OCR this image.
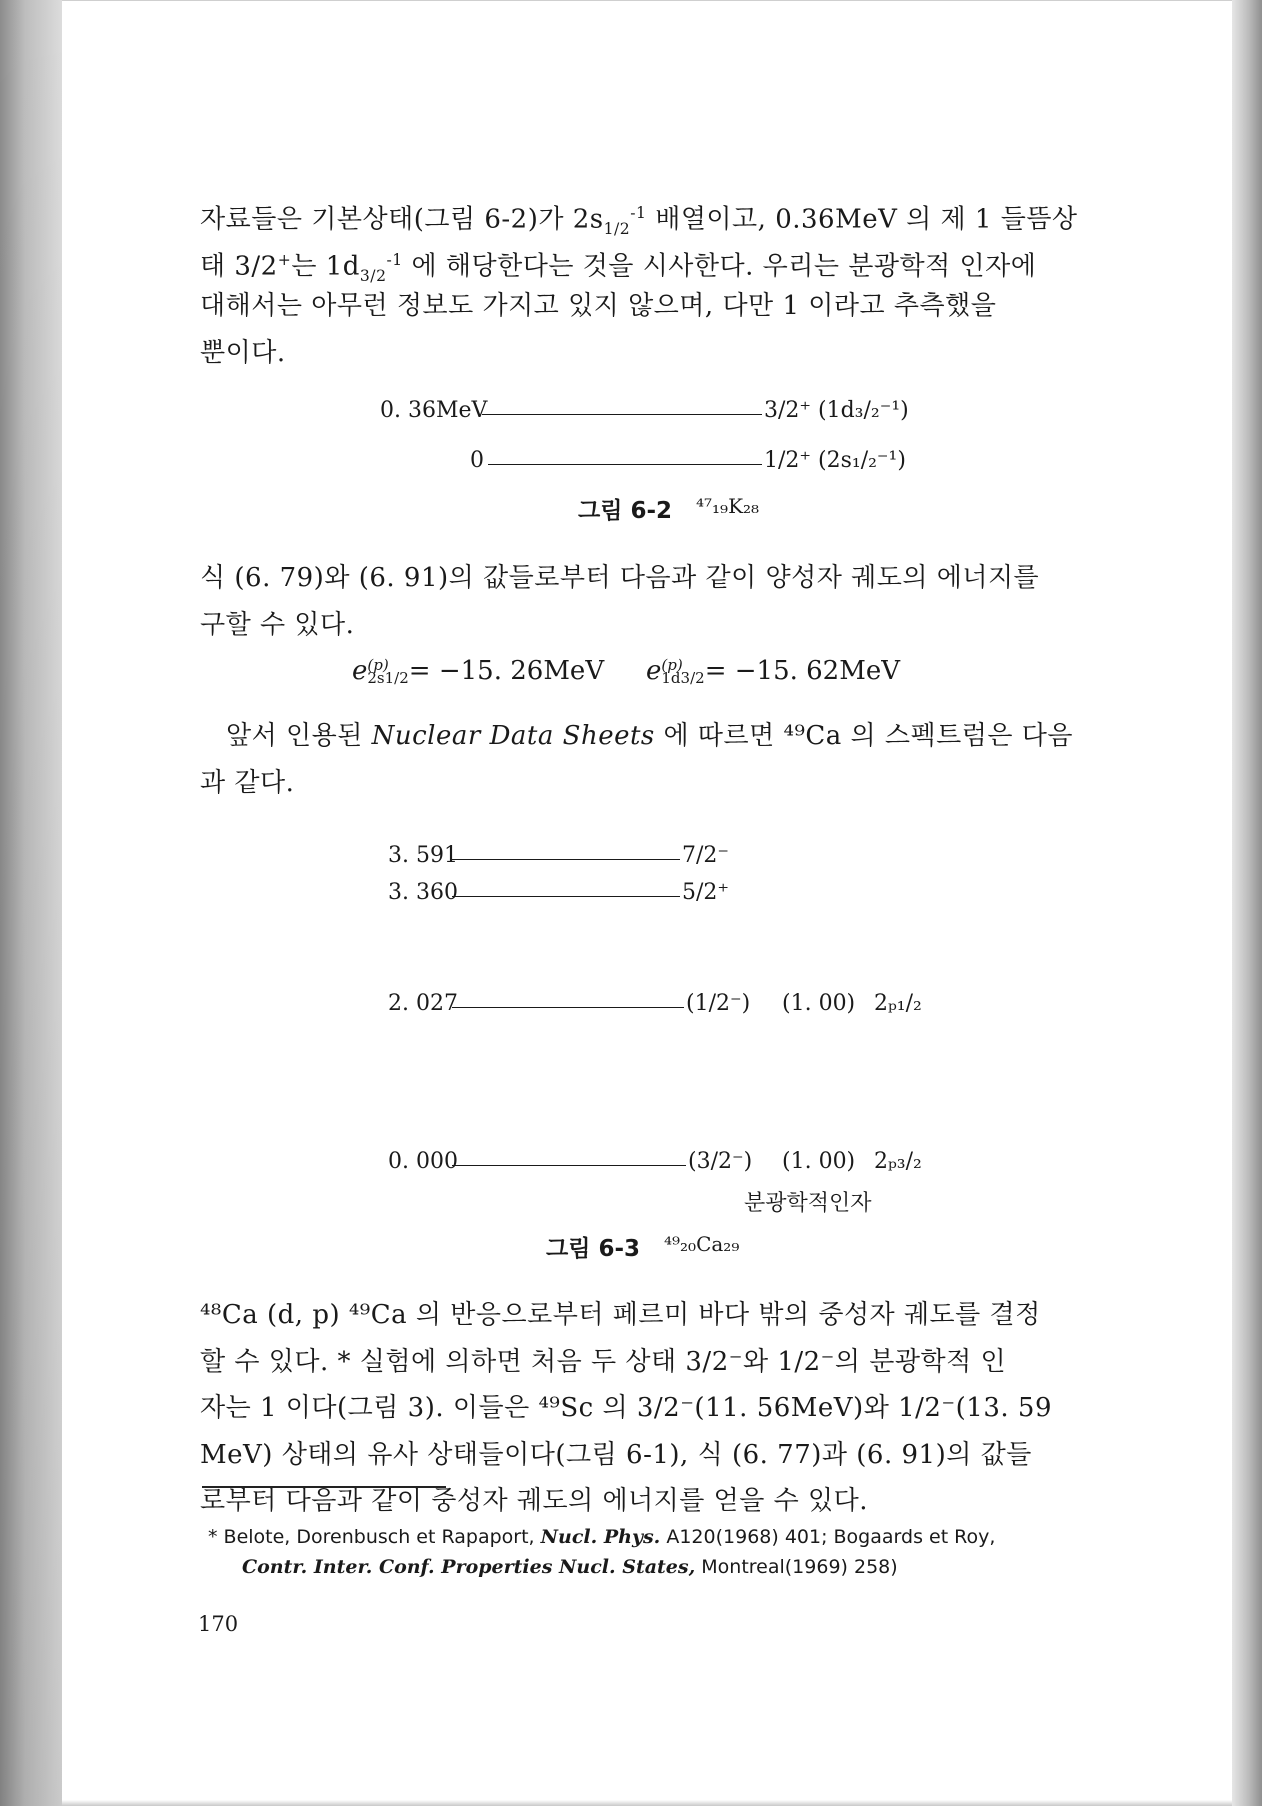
자료들은 기본상태(그림 6-2)가 $2s_{1/2}^{-1}$ 배열이고, 0.36MeV 의 제 1 들뜸상
태 3/2+는 $1d_{3/2}^{-1}$ 에 해당한다는 것을 시사한다. 우리는 분광학적 인자에
대해서는 아무런 정보도 가지고 있지 않으며, 다만 1 이라고 추측했을
뿐이다.
0. 36MeV	3/2⁺ (1d₃/₂⁻¹)
0	1/2⁺ (2s₁/₂⁻¹)
그림 6-2 ⁴⁷₁₉K₂₈
식 (6. 79)와 (6. 91)의 값들로부터 다음과 같이 양성자 궤도의 에너지를
구할 수 있다.
e (p)
2s1/2 = −15. 26MeV e (p)
1d3/2 = −15. 62MeV
앞서 인용된 Nuclear Data Sheets 에 따르면 ⁴⁹Ca 의 스펙트럼은 다음
과 같다.
3. 591	7/2⁻
3. 360	5/2⁺
2. 027	(1/2⁻) (1. 00) 2ₚ₁/₂
0. 000	(3/2⁻) (1. 00) 2ₚ₃/₂
분광학적인자
그림 6-3 ⁴⁹₂₀Ca₂₉
⁴⁸Ca (d, p) ⁴⁹Ca 의 반응으로부터 페르미 바다 밖의 중성자 궤도를 결정
할 수 있다. * 실험에 의하면 처음 두 상태 3/2⁻와 1/2⁻의 분광학적 인
자는 1 이다(그림 3). 이들은 ⁴⁹Sc 의 3/2⁻(11. 56MeV)와 1/2⁻(13. 59
MeV) 상태의 유사 상태들이다(그림 6-1), 식 (6. 77)과 (6. 91)의 값들
로부터 다음과 같이 중성자 궤도의 에너지를 얻을 수 있다.
* Belote, Dorenbusch et Rapaport, Nucl. Phys. A120(1968) 401; Bogaards et Roy,
Contr. Inter. Conf. Properties Nucl. States, Montreal(1969) 258)
170
